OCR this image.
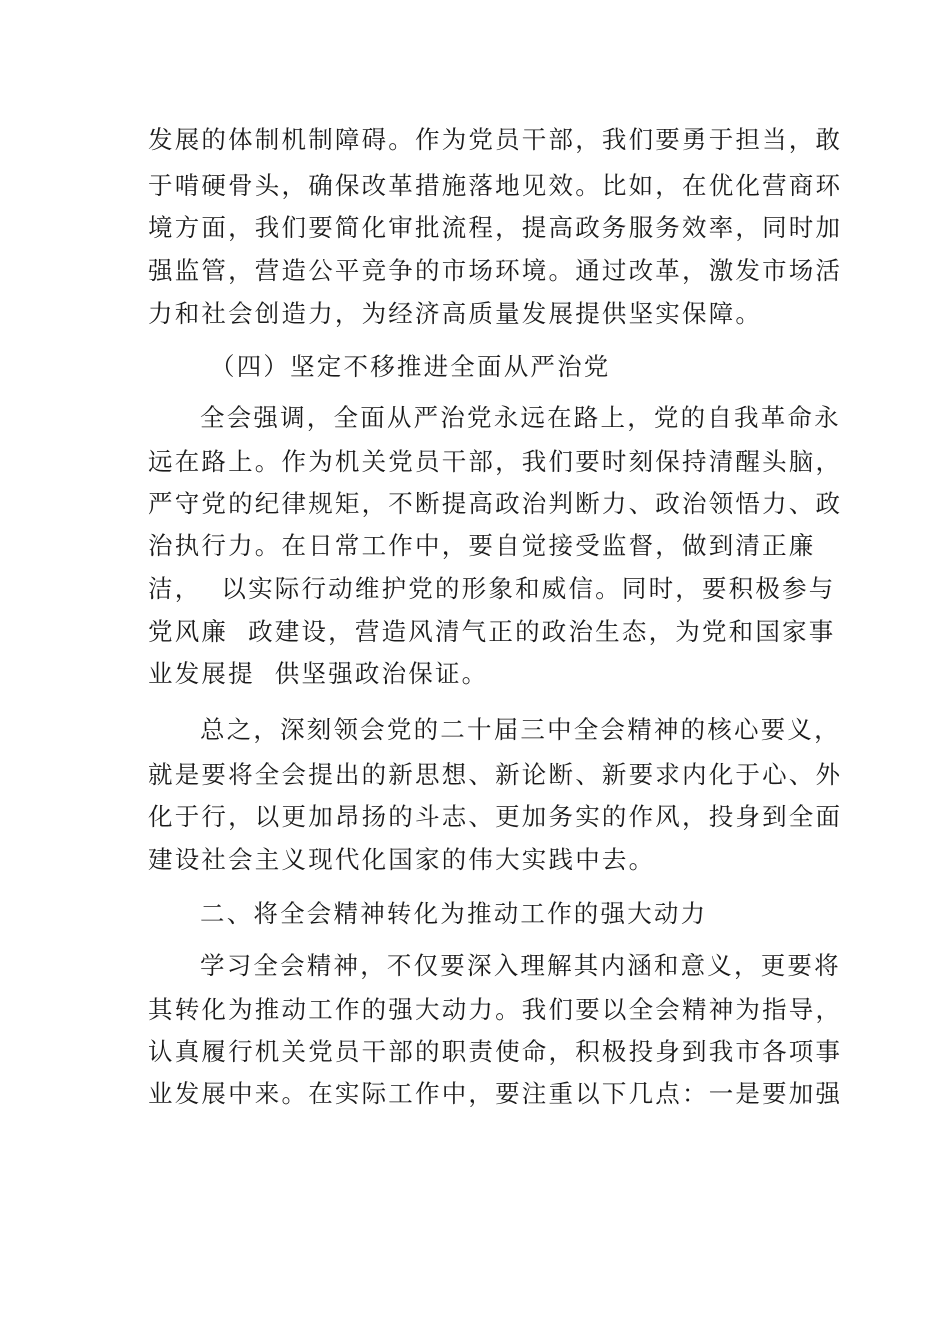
发展的体制机制障碍。作为党员干部，我们要勇于担当，敢

于啃硬骨头，确保改革措施落地见效。比如，在优化营商环

境方面，我们要简化审批流程，提高政务服务效率，同时加

强监管，营造公平竞争的市场环境。通过改革，激发市场活

力和社会创造力，为经济高质量发展提供坚实保障。

（四）坚定不移推进全面从严治党

全会强调，全面从严治党永远在路上，党的自我革命永

远在路上。作为机关党员干部，我们要时刻保持清醒头脑，

严守党的纪律规矩，不断提高政治判断力、政治领悟力、政

治执行力。在日常工作中，要自觉接受监督，做到清正廉

洁，  以实际行动维护党的形象和威信。同时，要积极参与

党风廉  政建设，营造风清气正的政治生态，为党和国家事

业发展提  供坚强政治保证。

总之，深刻领会党的二十届三中全会精神的核心要义，

就是要将全会提出的新思想、新论断、新要求内化于心、外

化于行，以更加昂扬的斗志、更加务实的作风，投身到全面

建设社会主义现代化国家的伟大实践中去。

二、将全会精神转化为推动工作的强大动力

学习全会精神，不仅要深入理解其内涵和意义，更要将

其转化为推动工作的强大动力。我们要以全会精神为指导，

认真履行机关党员干部的职责使命，积极投身到我市各项事

业发展中来。在实际工作中，要注重以下几点：一是要加强
